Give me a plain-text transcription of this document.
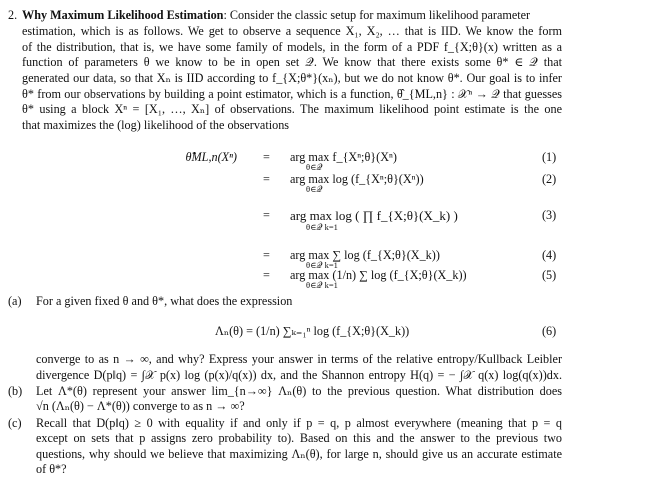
2. Why Maximum Likelihood Estimation: Consider the classic setup for maximum likelihood parameter
estimation, which is as follows. We get to observe a sequence X₁, X₂, … that is IID. We know the form
of the distribution, that is, we have some family of models, in the form of a PDF f_{X;θ}(x) written as a
function of parameters θ we know to be in open set 𝒬. We know that there exists some θ* ∈ 𝒬 that
generated our data, so that Xₙ is IID according to f_{X;θ*}(xₙ), but we do not know θ*. Our goal is to infer
θ* from our observations by building a point estimator, which is a function, θ̂_{ML,n} : 𝒳ⁿ → 𝒬 that guesses
θ* using a block Xⁿ = [X₁, …, Xₙ] of observations. The maximum likelihood point estimate is the one
that maximizes the (log) likelihood of the observations
θ̂ML,n(Xⁿ) = arg max f_{Xⁿ;θ}(Xⁿ)
θ∈𝒬
(1)
= arg max log (f_{Xⁿ;θ}(Xⁿ))
θ∈𝒬
(2)
= arg max log ( ∏ f_{X;θ}(X_k) )
θ∈𝒬 k=1
(3)
= arg max ∑ log (f_{X;θ}(X_k))
θ∈𝒬 k=1
(4)
= arg max (1/n) ∑ log (f_{X;θ}(X_k))
θ∈𝒬 k=1
(5)
(a) For a given fixed θ and θ*, what does the expression
Λₙ(θ) = (1/n) ∑ₖ₌₁ⁿ log (f_{X;θ}(X_k))	(6)
converge to as n → ∞, and why? Express your answer in terms of the relative entropy/Kullback Leibler
divergence D(p‖q) = ∫𝒳 p(x) log (p(x)/q(x)) dx, and the Shannon entropy H(q) = − ∫𝒳 q(x) log(q(x))dx.
(b) Let Λ*(θ) represent your answer lim_{n→∞} Λₙ(θ) to the previous question. What distribution does
√n (Λₙ(θ) − Λ*(θ)) converge to as n → ∞?
(c) Recall that D(p‖q) ≥ 0 with equality if and only if p = q, p almost everywhere (meaning that p = q
except on sets that p assigns zero probability to). Based on this and the answer to the previous two
questions, why should we believe that maximizing Λₙ(θ), for large n, should give us an accurate estimate
of θ*?
